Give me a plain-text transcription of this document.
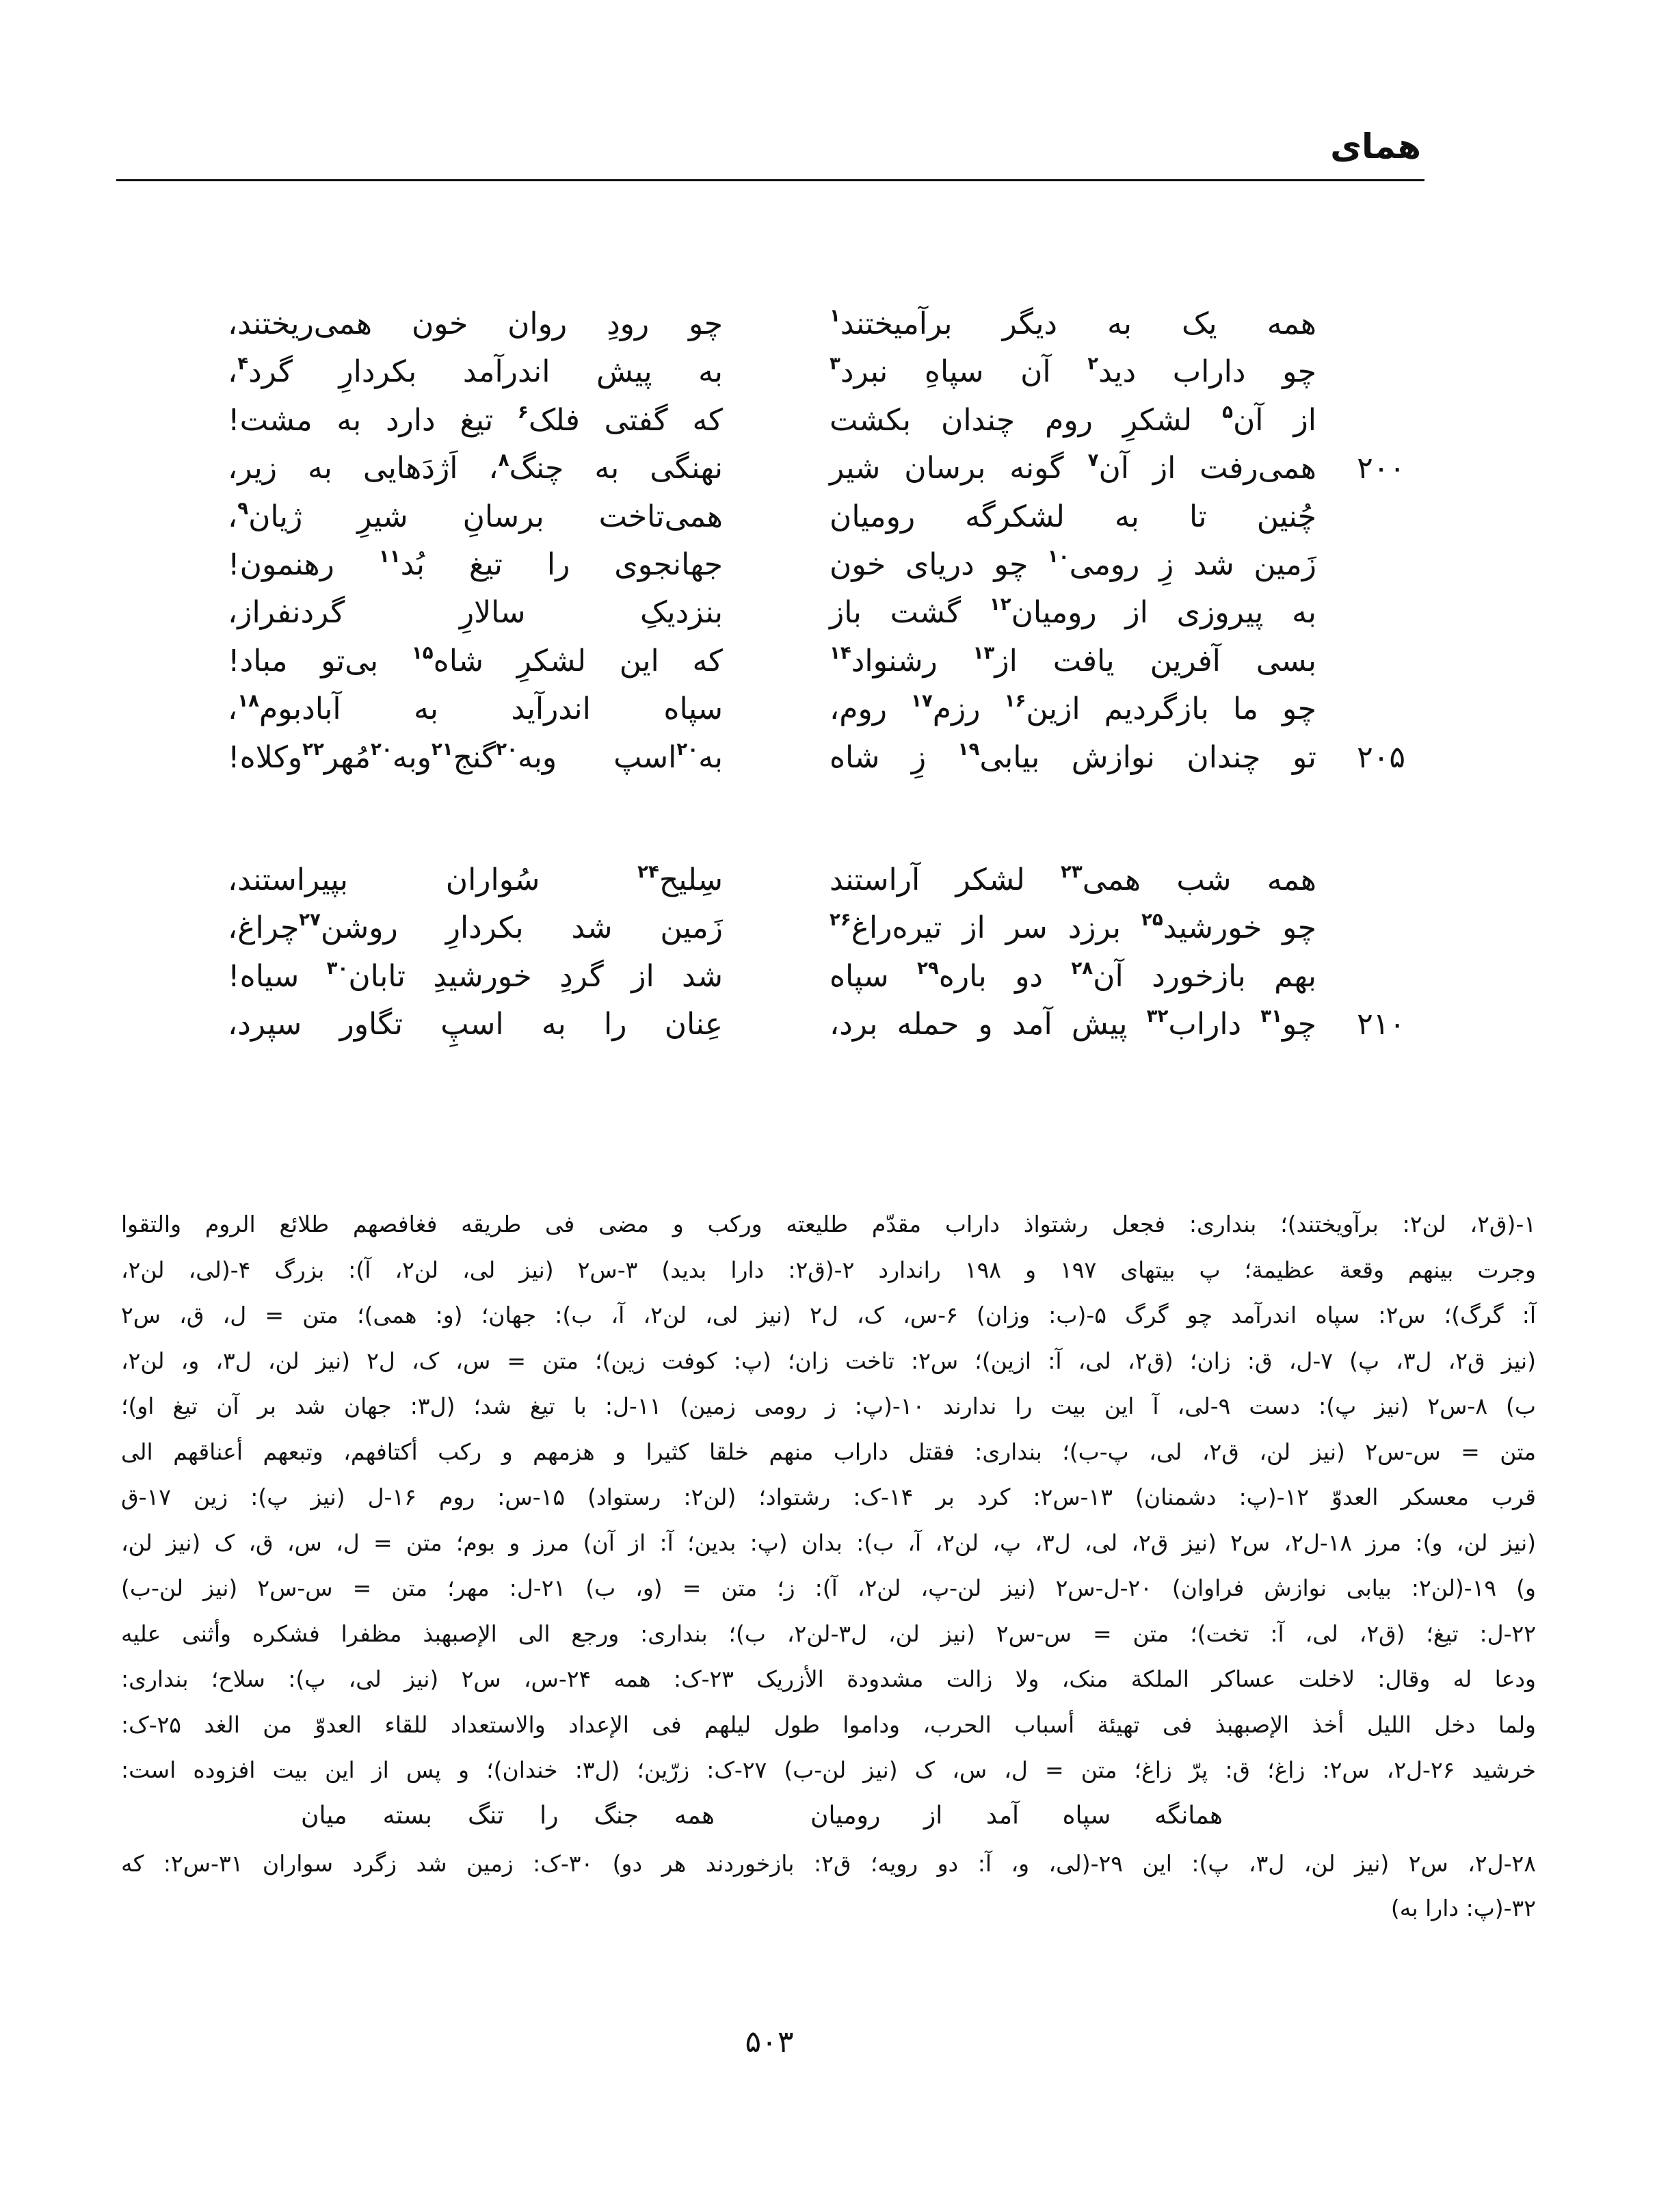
همای
همه یک به دیگر برآمیختند$^۱$
چو داراب دید$^۲$ آن سپاهِ نبرد$^۳$
از آن$^۵$ لشکرِ روم چندان بکشت
همی‌رفت از آن$^۷$ گونه برسان شیر
چُنین تا به لشکرگه رومیان
زَمین شد زِ رومی$^{۱۰}$ چو دریای خون
به پیروزی از رومیان$^{۱۲}$ گشت باز
بسی آفرین یافت از$^{۱۳}$ رشنواد$^{۱۴}$
چو ما بازگردیم ازین$^{۱۶}$ رزم$^{۱۷}$ روم،
تو چندان نوازش بیابی$^{۱۹}$ زِ شاه
چو رودِ روان خون همی‌ریختند،
به پیش اندرآمد بکردارِ گرد$^۴$،
که گفتی فلک$^۶$ تیغ دارد به مشت!
نهنگی به چنگ$^۸$، اَژدَهایی به زیر،
همی‌تاخت برسانِ شیرِ ژیان$^۹$،
جهانجوی را تیغ بُد$^{۱۱}$ رهنمون!
بنزدیکِ سالارِ گردنفراز،
که این لشکرِ شاه$^{۱۵}$ بی‌تو مباد!
سپاه اندرآید به آبادبوم$^{۱۸}$،
به$^{۲۰}$اسپ وبه$^{۲۰}$گنج$^{۲۱}$وبه$^{۲۰}$مُهر$^{۲۲}$وکلاه!
۲۰۰
۲۰۵
همه شب همی$^{۲۳}$ لشکر آراستند
چو خورشید$^{۲۵}$ برزد سر از تیره‌راغ$^{۲۶}$
بهم بازخورد آن$^{۲۸}$ دو باره$^{۲۹}$ سپاه
چو$^{۳۱}$ داراب$^{۳۲}$ پیش آمد و حمله برد،
سِلیح$^{۲۴}$ سُواران بپیراستند،
زَمین شد بکردارِ روشن$^{۲۷}$چراغ،
شد از گردِ خورشیدِ تابان$^{۳۰}$ سیاه!
عِنان را به اسپِ تگاور سپرد،	۲۱۰
۱-(ق۲، لن۲: برآویختند)؛ بنداری: فجعل رشتواذ داراب مقدّم طلیعته ورکب و مضی فی طریقه فغافصهم طلائع الروم والتقوا
وجرت بینهم وقعة عظیمة؛ پ بیتهای ۱۹۷ و ۱۹۸ راندارد ۲-(ق۲: دارا بدید) ۳-س۲ (نیز لی، لن۲، آ): بزرگ ۴-(لی، لن۲،
آ: گرگ)؛ س۲: سپاه اندرآمد چو گرگ ۵-(ب: وزان) ۶-س، ک، ل۲ (نیز لی، لن۲، آ، ب): جهان؛ (و: همی)؛ متن = ل، ق، س۲
(نیز ق۲، ل۳، پ) ۷-ل، ق: زان؛ (ق۲، لی، آ: ازین)؛ س۲: تاخت زان؛ (پ: کوفت زین)؛ متن = س، ک، ل۲ (نیز لن، ل۳، و، لن۲،
ب) ۸-س۲ (نیز پ): دست ۹-لی، آ این بیت را ندارند ۱۰-(پ: ز رومی زمین) ۱۱-ل: با تیغ شد؛ (ل۳: جهان شد بر آن تیغ او)؛
متن = س-س۲ (نیز لن، ق۲، لی، پ-ب)؛ بنداری: فقتل داراب منهم خلقا کثیرا و هزمهم و رکب أکتافهم، وتبعهم أعناقهم الی
قرب معسکر العدوّ ۱۲-(پ: دشمنان) ۱۳-س۲: کرد بر ۱۴-ک: رشتواد؛ (لن۲: رستواد) ۱۵-س: روم ۱۶-ل (نیز پ): زین ۱۷-ق
(نیز لن، و): مرز ۱۸-ل۲، س۲ (نیز ق۲، لی، ل۳، پ، لن۲، آ، ب): بدان (پ: بدین؛ آ: از آن) مرز و بوم؛ متن = ل، س، ق، ک (نیز لن،
و) ۱۹-(لن۲: بیابی نوازش فراوان) ۲۰-ل-س۲ (نیز لن-پ، لن۲، آ): ز؛ متن = (و، ب) ۲۱-ل: مهر؛ متن = س-س۲ (نیز لن-ب)
۲۲-ل: تیغ؛ (ق۲، لی، آ: تخت)؛ متن = س-س۲ (نیز لن، ل۳-لن۲، ب)؛ بنداری: ورجع الی الإصبهبذ مظفرا فشکره وأثنی علیه
ودعا له وقال: لاخلت عساکر الملکة منک، ولا زالت مشدودة الأزریک ۲۳-ک: همه ۲۴-س، س۲ (نیز لی، پ): سلاح؛ بنداری:
ولما دخل اللیل أخذ الإصبهبذ فی تهیئة أسباب الحرب، وداموا طول لیلهم فی الإعداد والاستعداد للقاء العدوّ من الغد ۲۵-ک:
خرشید ۲۶-ل۲، س۲: زاغ؛ ق: پرّ زاغ؛ متن = ل، س، ک (نیز لن-ب) ۲۷-ک: زرّین؛ (ل۳: خندان)؛ و پس از این بیت افزوده است:
همانگه سپاه آمد از رومیان
همه جنگ را تنگ بسته میان
۲۸-ل۲، س۲ (نیز لن، ل۳، پ): این ۲۹-(لی، و، آ: دو رویه؛ ق۲: بازخوردند هر دو) ۳۰-ک: زمین شد زگرد سواران ۳۱-س۲: که
۳۲-(پ: دارا به)
۵۰۳
